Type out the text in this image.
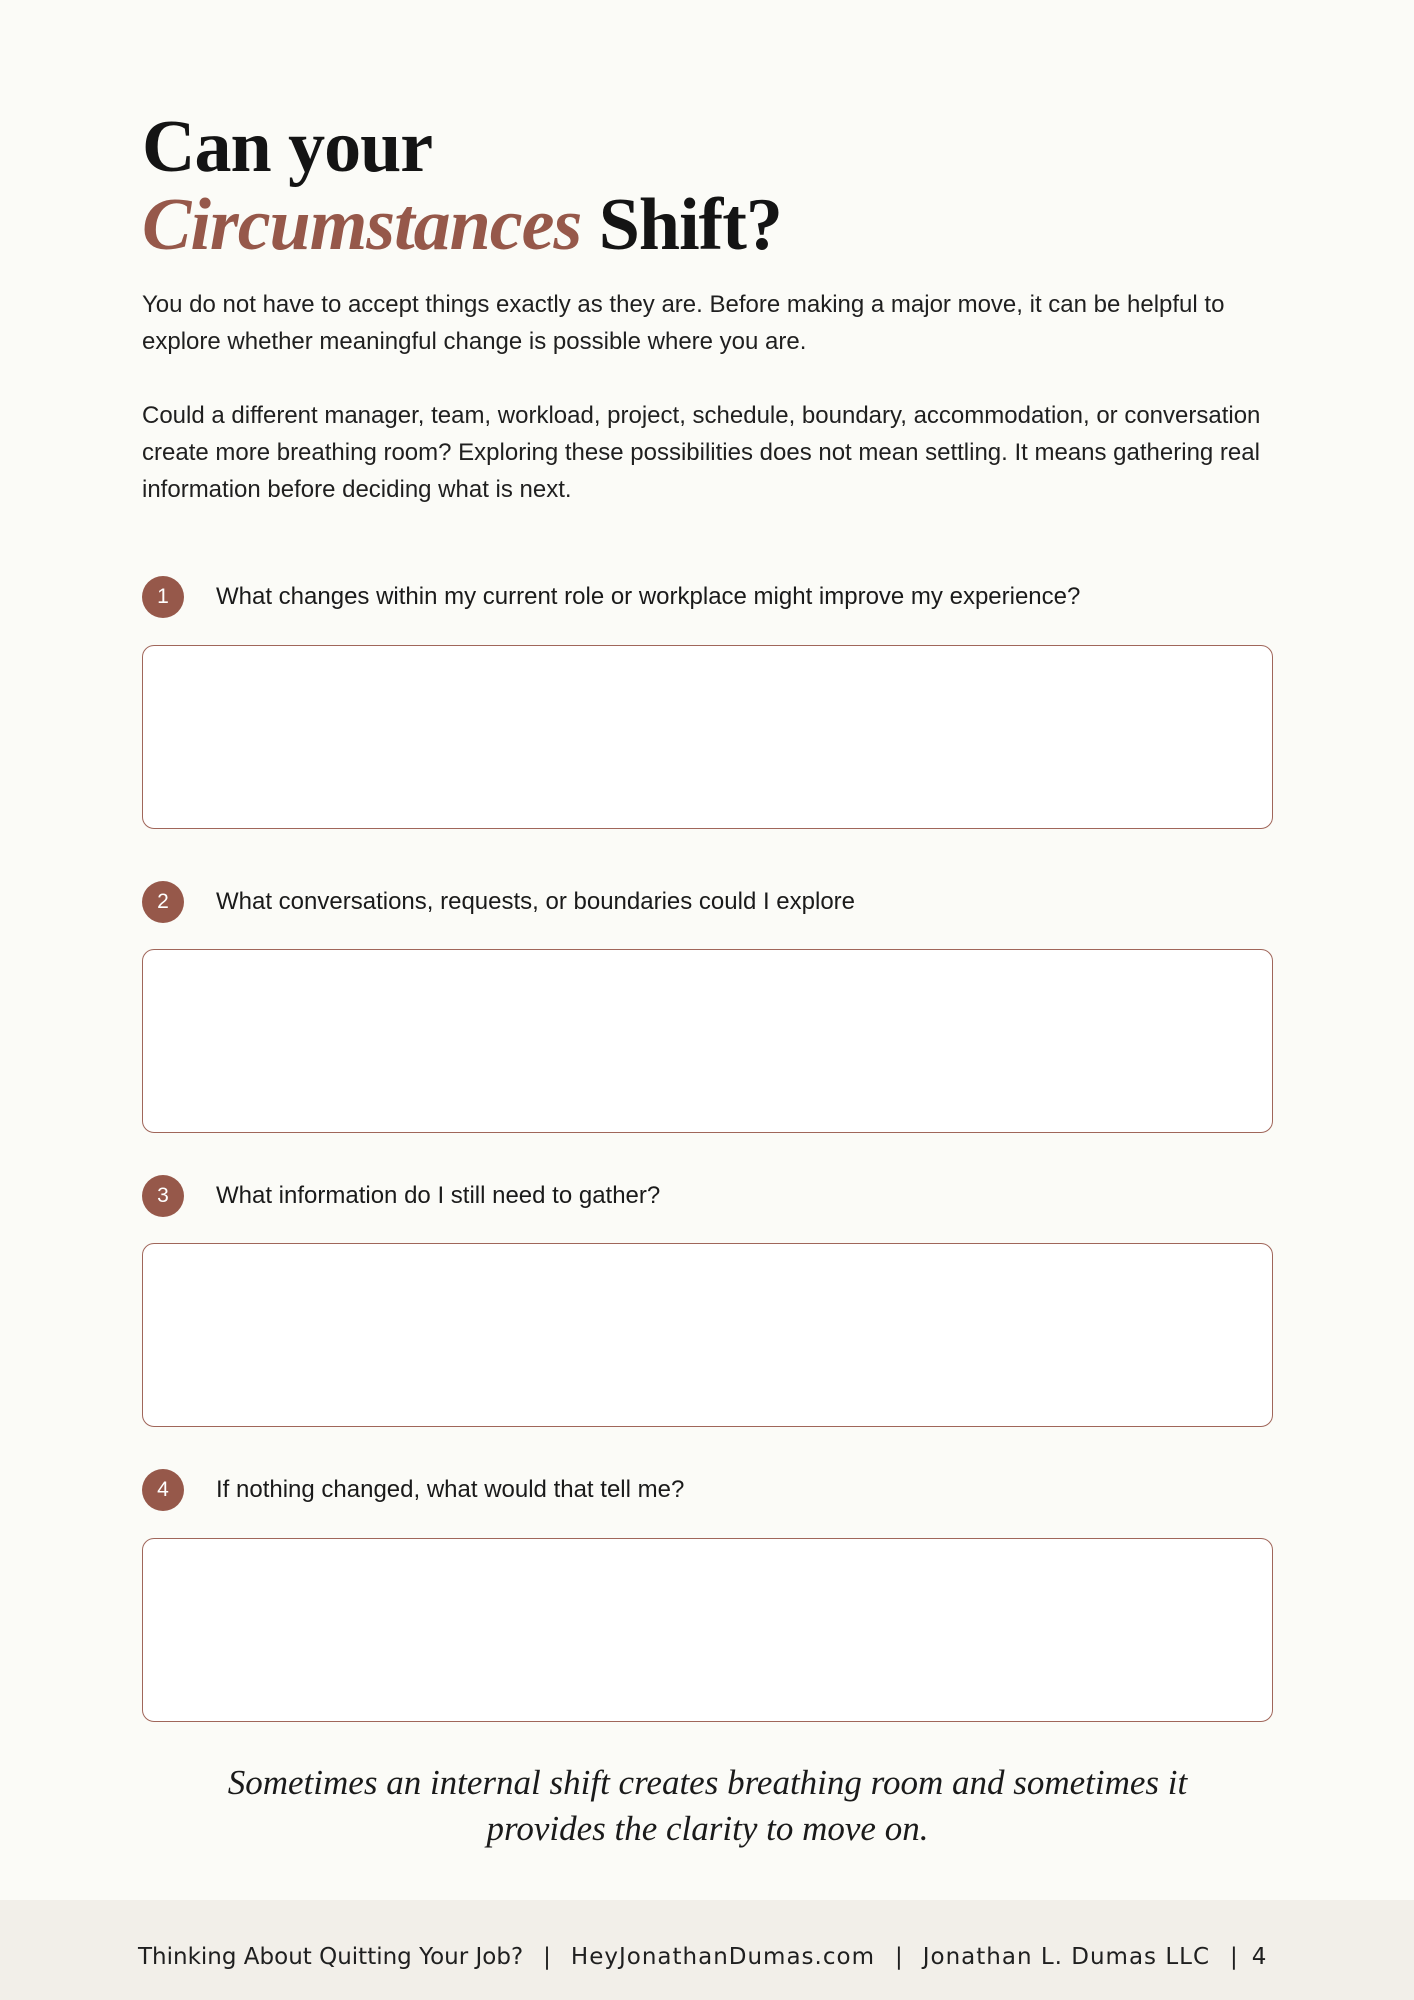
Can your
Circumstances Shift?

You do not have to accept things exactly as they are. Before making a major move, it can be helpful to explore whether meaningful change is possible where you are.

Could a different manager, team, workload, project, schedule, boundary, accommodation, or conversation create more breathing room? Exploring these possibilities does not mean settling. It means gathering real information before deciding what is next.

1	What changes within my current role or workplace might improve my experience?
2	What conversations, requests, or boundaries could I explore
3	What information do I still need to gather?
4	If nothing changed, what would that tell me?
Sometimes an internal shift creates breathing room and sometimes it
provides the clarity to move on.
Thinking About Quitting Your Job? | HeyJonathanDumas.com | Jonathan L. Dumas LLC | 4
